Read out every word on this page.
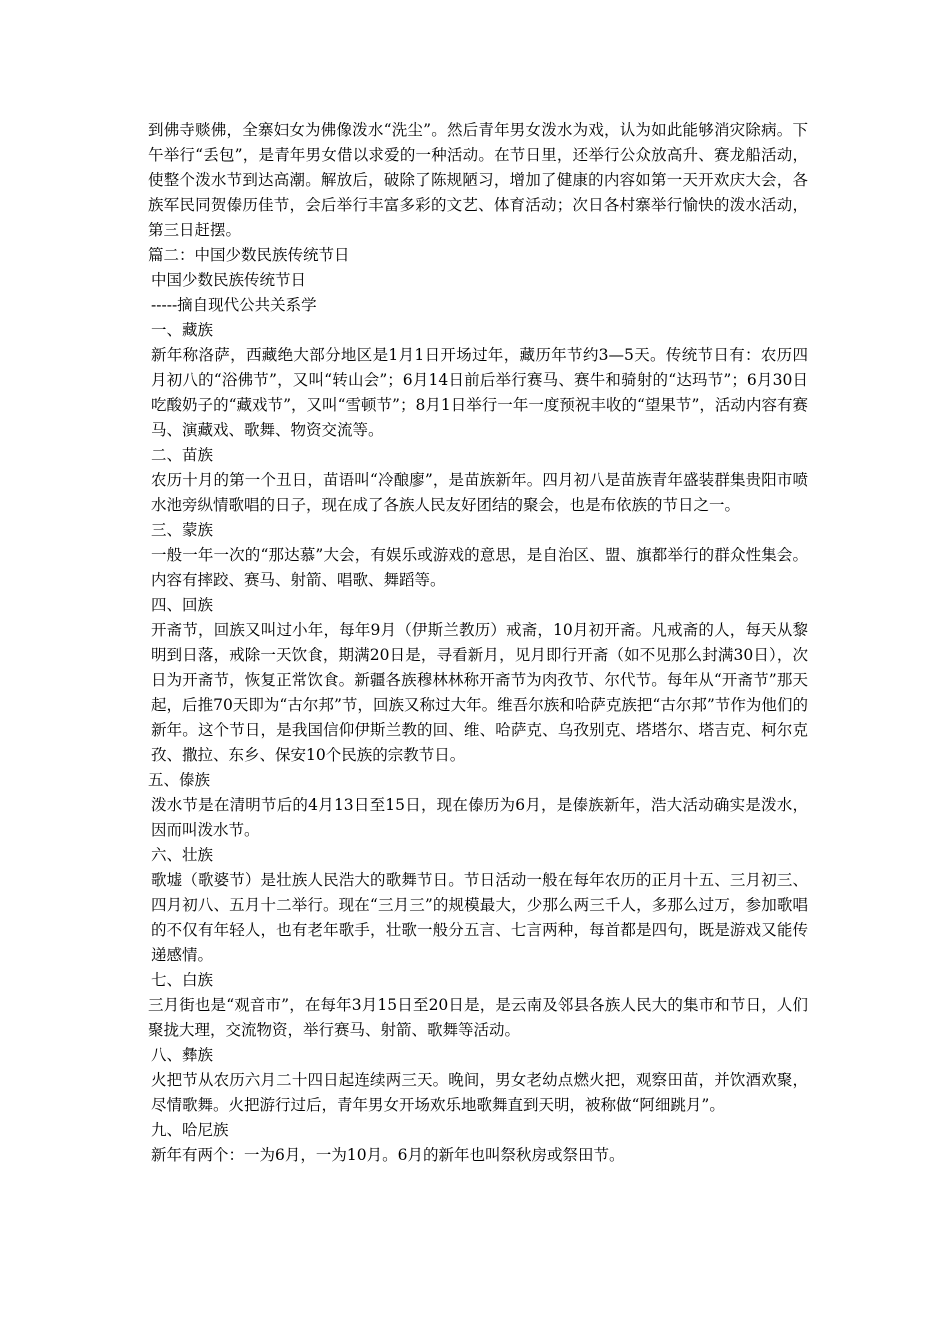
到佛寺赕佛，全寨妇女为佛像泼水“洗尘”。然后青年男女泼水为戏，认为如此能够消灾除病。下午举行“丢包”，是青年男女借以求爱的一种活动。在节日里，还举行公众放高升、赛龙船活动，使整个泼水节到达高潮。解放后，破除了陈规陋习，增加了健康的内容如第一天开欢庆大会，各族军民同贺傣历佳节，会后举行丰富多彩的文艺、体育活动；次日各村寨举行愉快的泼水活动，第三日赶摆。

篇二：中国少数民族传统节日

中国少数民族传统节日

-----摘自现代公共关系学

一、藏族

新年称洛萨，西藏绝大部分地区是1月1日开场过年，藏历年节约3—5天。传统节日有：农历四月初八的“浴佛节”，又叫“转山会”；6月14日前后举行赛马、赛牛和骑射的“达玛节”；6月30日吃酸奶子的“藏戏节”，又叫“雪顿节”；8月1日举行一年一度预祝丰收的“望果节”，活动内容有赛马、演藏戏、歌舞、物资交流等。

二、苗族

农历十月的第一个丑日，苗语叫“冷酿廖”，是苗族新年。四月初八是苗族青年盛装群集贵阳市喷水池旁纵情歌唱的日子，现在成了各族人民友好团结的聚会，也是布依族的节日之一。

三、蒙族

一般一年一次的“那达慕”大会，有娱乐或游戏的意思，是自治区、盟、旗都举行的群众性集会。内容有摔跤、赛马、射箭、唱歌、舞蹈等。

四、回族

开斋节，回族又叫过小年，每年9月（伊斯兰教历）戒斋，10月初开斋。凡戒斋的人，每天从黎明到日落，戒除一天饮食，期满20日是，寻看新月，见月即行开斋（如不见那么封满30日），次日为开斋节，恢复正常饮食。新疆各族穆林林称开斋节为肉孜节、尔代节。每年从“开斋节”那天起，后推70天即为“古尔邦”节，回族又称过大年。维吾尔族和哈萨克族把“古尔邦”节作为他们的新年。这个节日，是我国信仰伊斯兰教的回、维、哈萨克、乌孜别克、塔塔尔、塔吉克、柯尔克孜、撒拉、东乡、保安10个民族的宗教节日。

五、傣族

泼水节是在清明节后的4月13日至15日，现在傣历为6月，是傣族新年，浩大活动确实是泼水，因而叫泼水节。

六、壮族

歌墟（歌婆节）是壮族人民浩大的歌舞节日。节日活动一般在每年农历的正月十五、三月初三、四月初八、五月十二举行。现在“三月三”的规模最大，少那么两三千人，多那么过万，参加歌唱的不仅有年轻人，也有老年歌手，壮歌一般分五言、七言两种，每首都是四句，既是游戏又能传递感情。

七、白族

三月街也是“观音市”，在每年3月15日至20日是，是云南及邻县各族人民大的集市和节日，人们聚拢大理，交流物资，举行赛马、射箭、歌舞等活动。

八、彝族

火把节从农历六月二十四日起连续两三天。晚间，男女老幼点燃火把，观察田苗，并饮酒欢聚，尽情歌舞。火把游行过后，青年男女开场欢乐地歌舞直到天明，被称做“阿细跳月”。

九、哈尼族

新年有两个：一为6月，一为10月。6月的新年也叫祭秋房或祭田节。
